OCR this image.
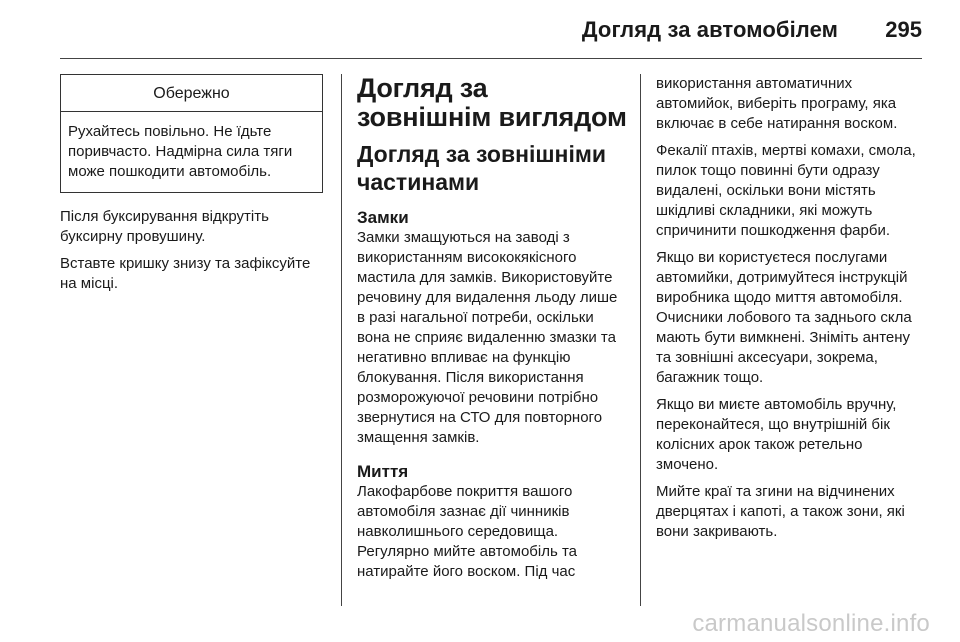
Догляд за автомобілем 295
Обережно
Рухайтесь повільно. Не їдьте поривчасто. Надмірна сила тяги може пошкодити автомобіль.

Після буксирування відкрутіть буксирну провушину.

Вставте кришку знизу та зафіксуйте на місці.

Догляд за зовнішнім виглядом
Догляд за зовнішніми частинами
Замки

Замки змащуються на заводі з використанням висококякісного мастила для замків. Використовуйте речовину для видалення льоду лише в разі нагальної потреби, оскільки вона не сприяє видаленню змазки та негативно впливає на функцію блокування. Після використання розморожуючої речовини потрібно звернутися на СТО для повторного змащення замків.

Миття

Лакофарбове покриття вашого автомобіля зазнає дії чинників навколишнього середовища. Регулярно мийте автомобіль та натирайте його воском. Під час

використання автоматичних автомийок, виберіть програму, яка включає в себе натирання воском.

Фекалії птахів, мертві комахи, смола, пилок тощо повинні бути одразу видалені, оскільки вони містять шкідливі складники, які можуть спричинити пошкодження фарби.

Якщо ви користуєтеся послугами автомийки, дотримуйтеся інструкцій виробника щодо миття автомобіля. Очисники лобового та заднього скла мають бути вимкнені. Зніміть антену та зовнішні аксесуари, зокрема, багажник тощо.

Якщо ви миєте автомобіль вручну, переконайтеся, що внутрішній бік колісних арок також ретельно змочено.

Мийте краї та згини на відчинених дверцятах і капоті, а також зони, які вони закривають.

carmanualsonline.info
